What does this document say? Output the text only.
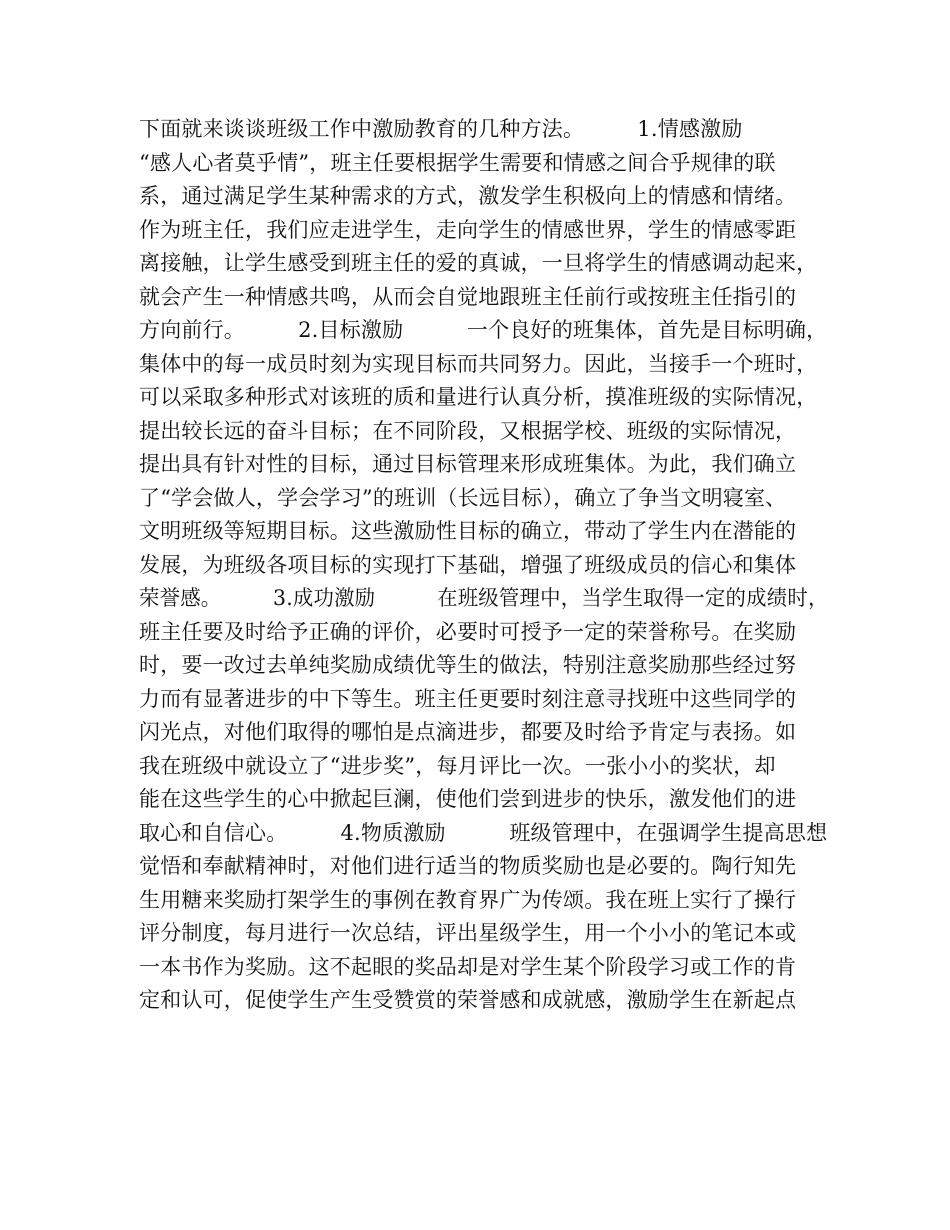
下面就来谈谈班级工作中激励教育的几种方法。　　　1.情感激励
“感人心者莫乎情”，班主任要根据学生需要和情感之间合乎规律的联
系，通过满足学生某种需求的方式，激发学生积极向上的情感和情绪。
作为班主任，我们应走进学生，走向学生的情感世界，学生的情感零距
离接触，让学生感受到班主任的爱的真诚，一旦将学生的情感调动起来，
就会产生一种情感共鸣，从而会自觉地跟班主任前行或按班主任指引的
方向前行。　　　2.目标激励　　　一个良好的班集体，首先是目标明确，
集体中的每一成员时刻为实现目标而共同努力。因此，当接手一个班时，
可以采取多种形式对该班的质和量进行认真分析，摸准班级的实际情况，
提出较长远的奋斗目标；在不同阶段，又根据学校、班级的实际情况，
提出具有针对性的目标，通过目标管理来形成班集体。为此，我们确立
了“学会做人，学会学习”的班训（长远目标），确立了争当文明寝室、
文明班级等短期目标。这些激励性目标的确立，带动了学生内在潜能的
发展，为班级各项目标的实现打下基础，增强了班级成员的信心和集体
荣誉感。　　　3.成功激励　　　在班级管理中，当学生取得一定的成绩时，
班主任要及时给予正确的评价，必要时可授予一定的荣誉称号。在奖励
时，要一改过去单纯奖励成绩优等生的做法，特别注意奖励那些经过努
力而有显著进步的中下等生。班主任更要时刻注意寻找班中这些同学的
闪光点，对他们取得的哪怕是点滴进步，都要及时给予肯定与表扬。如
我在班级中就设立了“进步奖”，每月评比一次。一张小小的奖状，却
能在这些学生的心中掀起巨澜，使他们尝到进步的快乐，激发他们的进
取心和自信心。　　　4.物质激励　　　班级管理中，在强调学生提高思想
觉悟和奉献精神时，对他们进行适当的物质奖励也是必要的。陶行知先
生用糖来奖励打架学生的事例在教育界广为传颂。我在班上实行了操行
评分制度，每月进行一次总结，评出星级学生，用一个小小的笔记本或
一本书作为奖励。这不起眼的奖品却是对学生某个阶段学习或工作的肯
定和认可，促使学生产生受赞赏的荣誉感和成就感，激励学生在新起点
